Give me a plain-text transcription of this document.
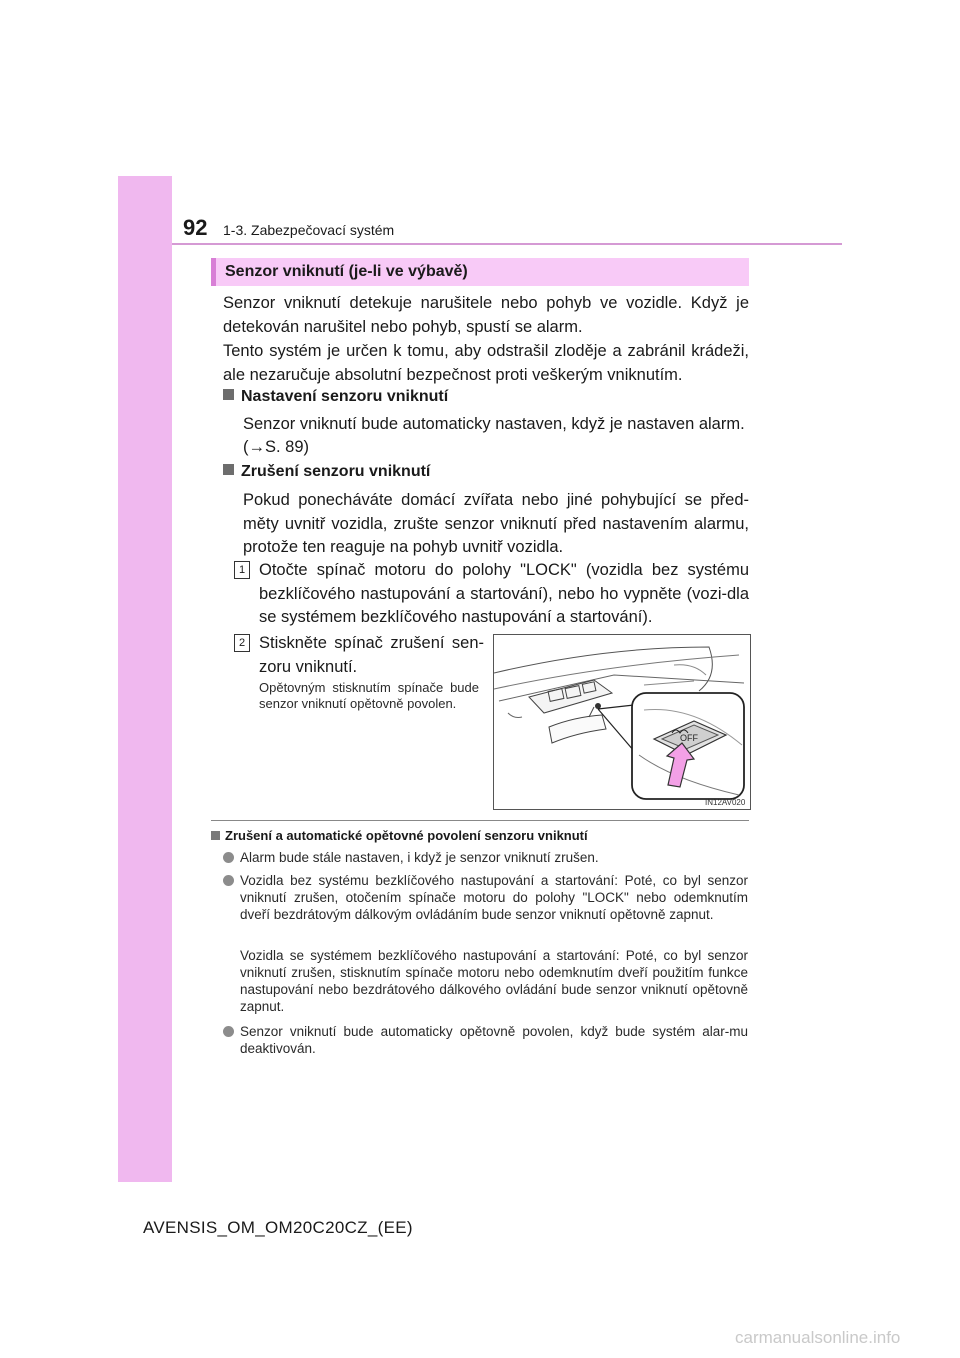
92 1-3. Zabezpečovací systém
Senzor vniknutí (je-li ve výbavě)
Senzor vniknutí detekuje narušitele nebo pohyb ve vozidle. Když je detekován narušitel nebo pohyb, spustí se alarm.
Tento systém je určen k tomu, aby odstrašil zloděje a zabránil krádeži, ale nezaručuje absolutní bezpečnost proti veškerým vniknutím.
Nastavení senzoru vniknutí
Senzor vniknutí bude automaticky nastaven, když je nastaven alarm.
(→S. 89)
Zrušení senzoru vniknutí
Pokud ponecháváte domácí zvířata nebo jiné pohybující se před-měty uvnitř vozidla, zrušte senzor vniknutí před nastavením alarmu, protože ten reaguje na pohyb uvnitř vozidla.
1 Otočte spínač motoru do polohy "LOCK" (vozidla bez systému bezklíčového nastupování a startování), nebo ho vypněte (vozi-dla se systémem bezklíčového nastupování a startování).
2 Stiskněte spínač zrušení sen-zoru vniknutí.
Opětovným stisknutím spínače bude senzor vniknutí opětovně povolen.
OFF
IN12AV020
Zrušení a automatické opětovné povolení senzoru vniknutí
Alarm bude stále nastaven, i když je senzor vniknutí zrušen.
Vozidla bez systému bezklíčového nastupování a startování: Poté, co byl senzor vniknutí zrušen, otočením spínače motoru do polohy "LOCK" nebo odemknutím dveří bezdrátovým dálkovým ovládáním bude senzor vniknutí opětovně zapnut.
Vozidla se systémem bezklíčového nastupování a startování: Poté, co byl senzor vniknutí zrušen, stisknutím spínače motoru nebo odemknutím dveří použitím funkce nastupování nebo bezdrátového dálkového ovládání bude senzor vniknutí opětovně zapnut.
Senzor vniknutí bude automaticky opětovně povolen, když bude systém alar-mu deaktivován.
AVENSIS_OM_OM20C20CZ_(EE)
carmanualsonline.info
